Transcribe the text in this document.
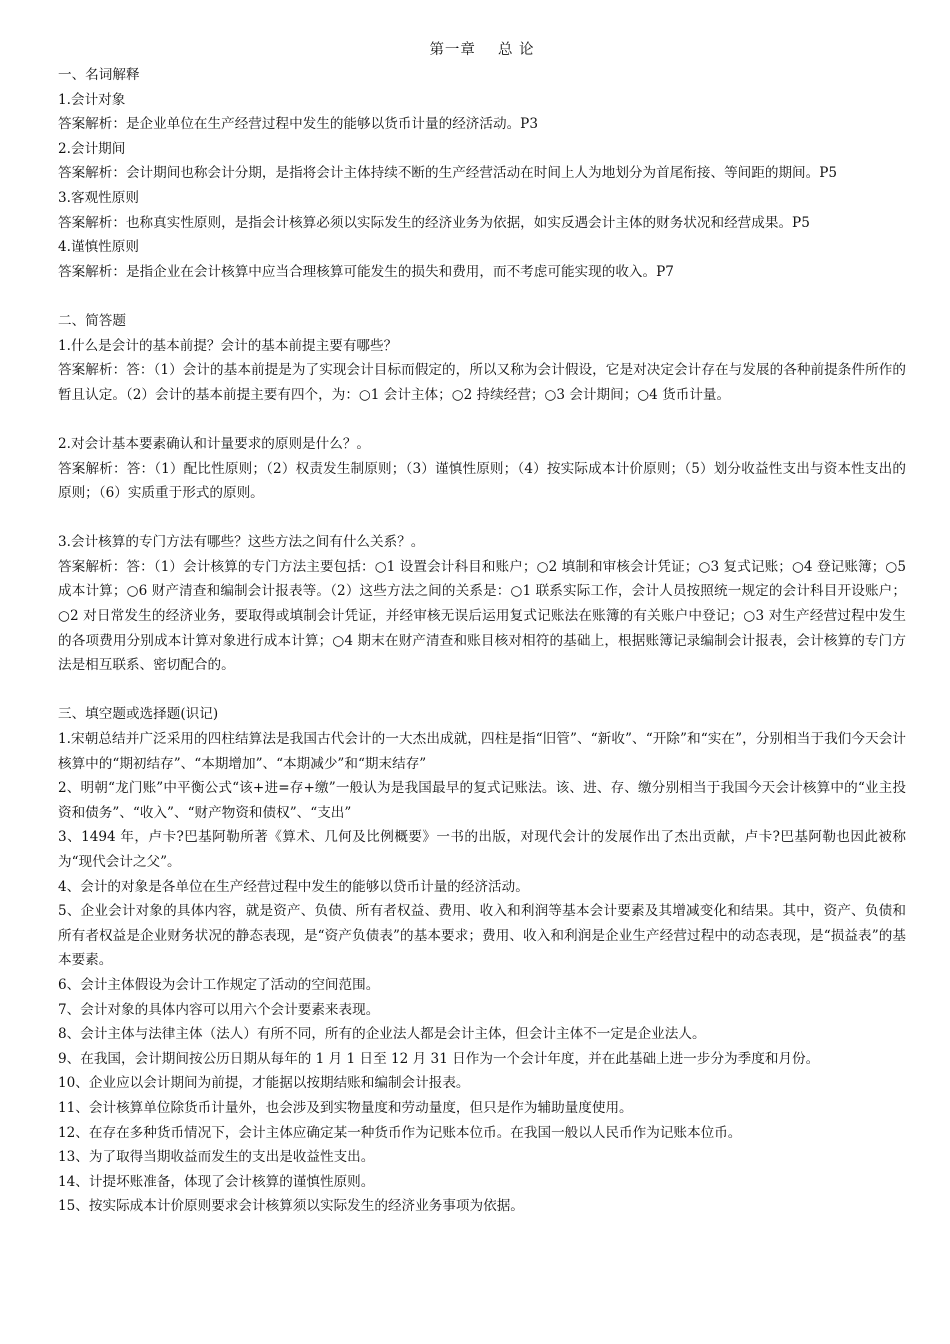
第一章 总 论

一、名词解释

1.会计对象

答案解析：是企业单位在生产经营过程中发生的能够以货币计量的经济活动。P3

2.会计期间

答案解析：会计期间也称会计分期，是指将会计主体持续不断的生产经营活动在时间上人为地划分为首尾衔接、等间距的期间。P5

3.客观性原则

答案解析：也称真实性原则，是指会计核算必须以实际发生的经济业务为依据，如实反遇会计主体的财务状况和经营成果。P5

4.谨慎性原则

答案解析：是指企业在会计核算中应当合理核算可能发生的损失和费用，而不考虑可能实现的收入。P7

二、简答题

1.什么是会计的基本前提？会计的基本前提主要有哪些？

答案解析：答：（1）会计的基本前提是为了实现会计目标而假定的，所以又称为会计假设，它是对决定会计存在与发展的各种前提条件所作的暂且认定。（2）会计的基本前提主要有四个，为：○1 会计主体；○2 持续经营；○3 会计期间；○4 货币计量。

2.对会计基本要素确认和计量要求的原则是什么？。

答案解析：答：（1）配比性原则；（2）权责发生制原则；（3）谨慎性原则；（4）按实际成本计价原则；（5）划分收益性支出与资本性支出的原则；（6）实质重于形式的原则。

3.会计核算的专门方法有哪些？这些方法之间有什么关系？。

答案解析：答：（1）会计核算的专门方法主要包括：○1 设置会计科目和账户；○2 填制和审核会计凭证；○3 复式记账；○4 登记账簿；○5 成本计算；○6 财产清查和编制会计报表等。（2）这些方法之间的关系是：○1 联系实际工作，会计人员按照统一规定的会计科目开设账户；○2 对日常发生的经济业务，要取得或填制会计凭证，并经审核无误后运用复式记账法在账簿的有关账户中登记；○3 对生产经营过程中发生的各项费用分别成本计算对象进行成本计算；○4 期末在财产清查和账目核对相符的基础上，根据账簿记录编制会计报表，会计核算的专门方法是相互联系、密切配合的。

三、填空题或选择题(识记)

1.宋朝总结并广泛采用的四柱结算法是我国古代会计的一大杰出成就，四柱是指“旧管”、“新收”、“开除”和“实在”，分别相当于我们今天会计核算中的“期初结存”、“本期增加”、“本期减少”和“期末结存”

2、明朝“龙门账”中平衡公式“该+进=存+缴”一般认为是我国最早的复式记账法。该、进、存、缴分别相当于我国今天会计核算中的“业主投资和债务”、“收入”、“财产物资和债权”、“支出”

3、1494 年，卢卡?巴基阿勒所著《算术、几何及比例概要》一书的出版，对现代会计的发展作出了杰出贡献，卢卡?巴基阿勒也因此被称为“现代会计之父”。

4、会计的对象是各单位在生产经营过程中发生的能够以贷币计量的经济活动。

5、企业会计对象的具体内容，就是资产、负债、所有者权益、费用、收入和利润等基本会计要素及其增减变化和结果。其中，资产、负债和所有者权益是企业财务状况的静态表现，是“资产负债表”的基本要求；费用、收入和利润是企业生产经营过程中的动态表现，是“损益表”的基本要素。

6、会计主体假设为会计工作规定了活动的空间范围。

7、会计对象的具体内容可以用六个会计要素来表现。

8、会计主体与法律主体（法人）有所不同，所有的企业法人都是会计主体，但会计主体不一定是企业法人。

9、在我国，会计期间按公历日期从每年的 1 月 1 日至 12 月 31 日作为一个会计年度，并在此基础上进一步分为季度和月份。

10、企业应以会计期间为前提，才能据以按期结账和编制会计报表。

11、会计核算单位除货币计量外，也会涉及到实物量度和劳动量度，但只是作为辅助量度使用。

12、在存在多种货币情况下，会计主体应确定某一种货币作为记账本位币。在我国一般以人民币作为记账本位币。

13、为了取得当期收益而发生的支出是收益性支出。

14、计提坏账准备，体现了会计核算的谨慎性原则。

15、按实际成本计价原则要求会计核算须以实际发生的经济业务事项为依据。
